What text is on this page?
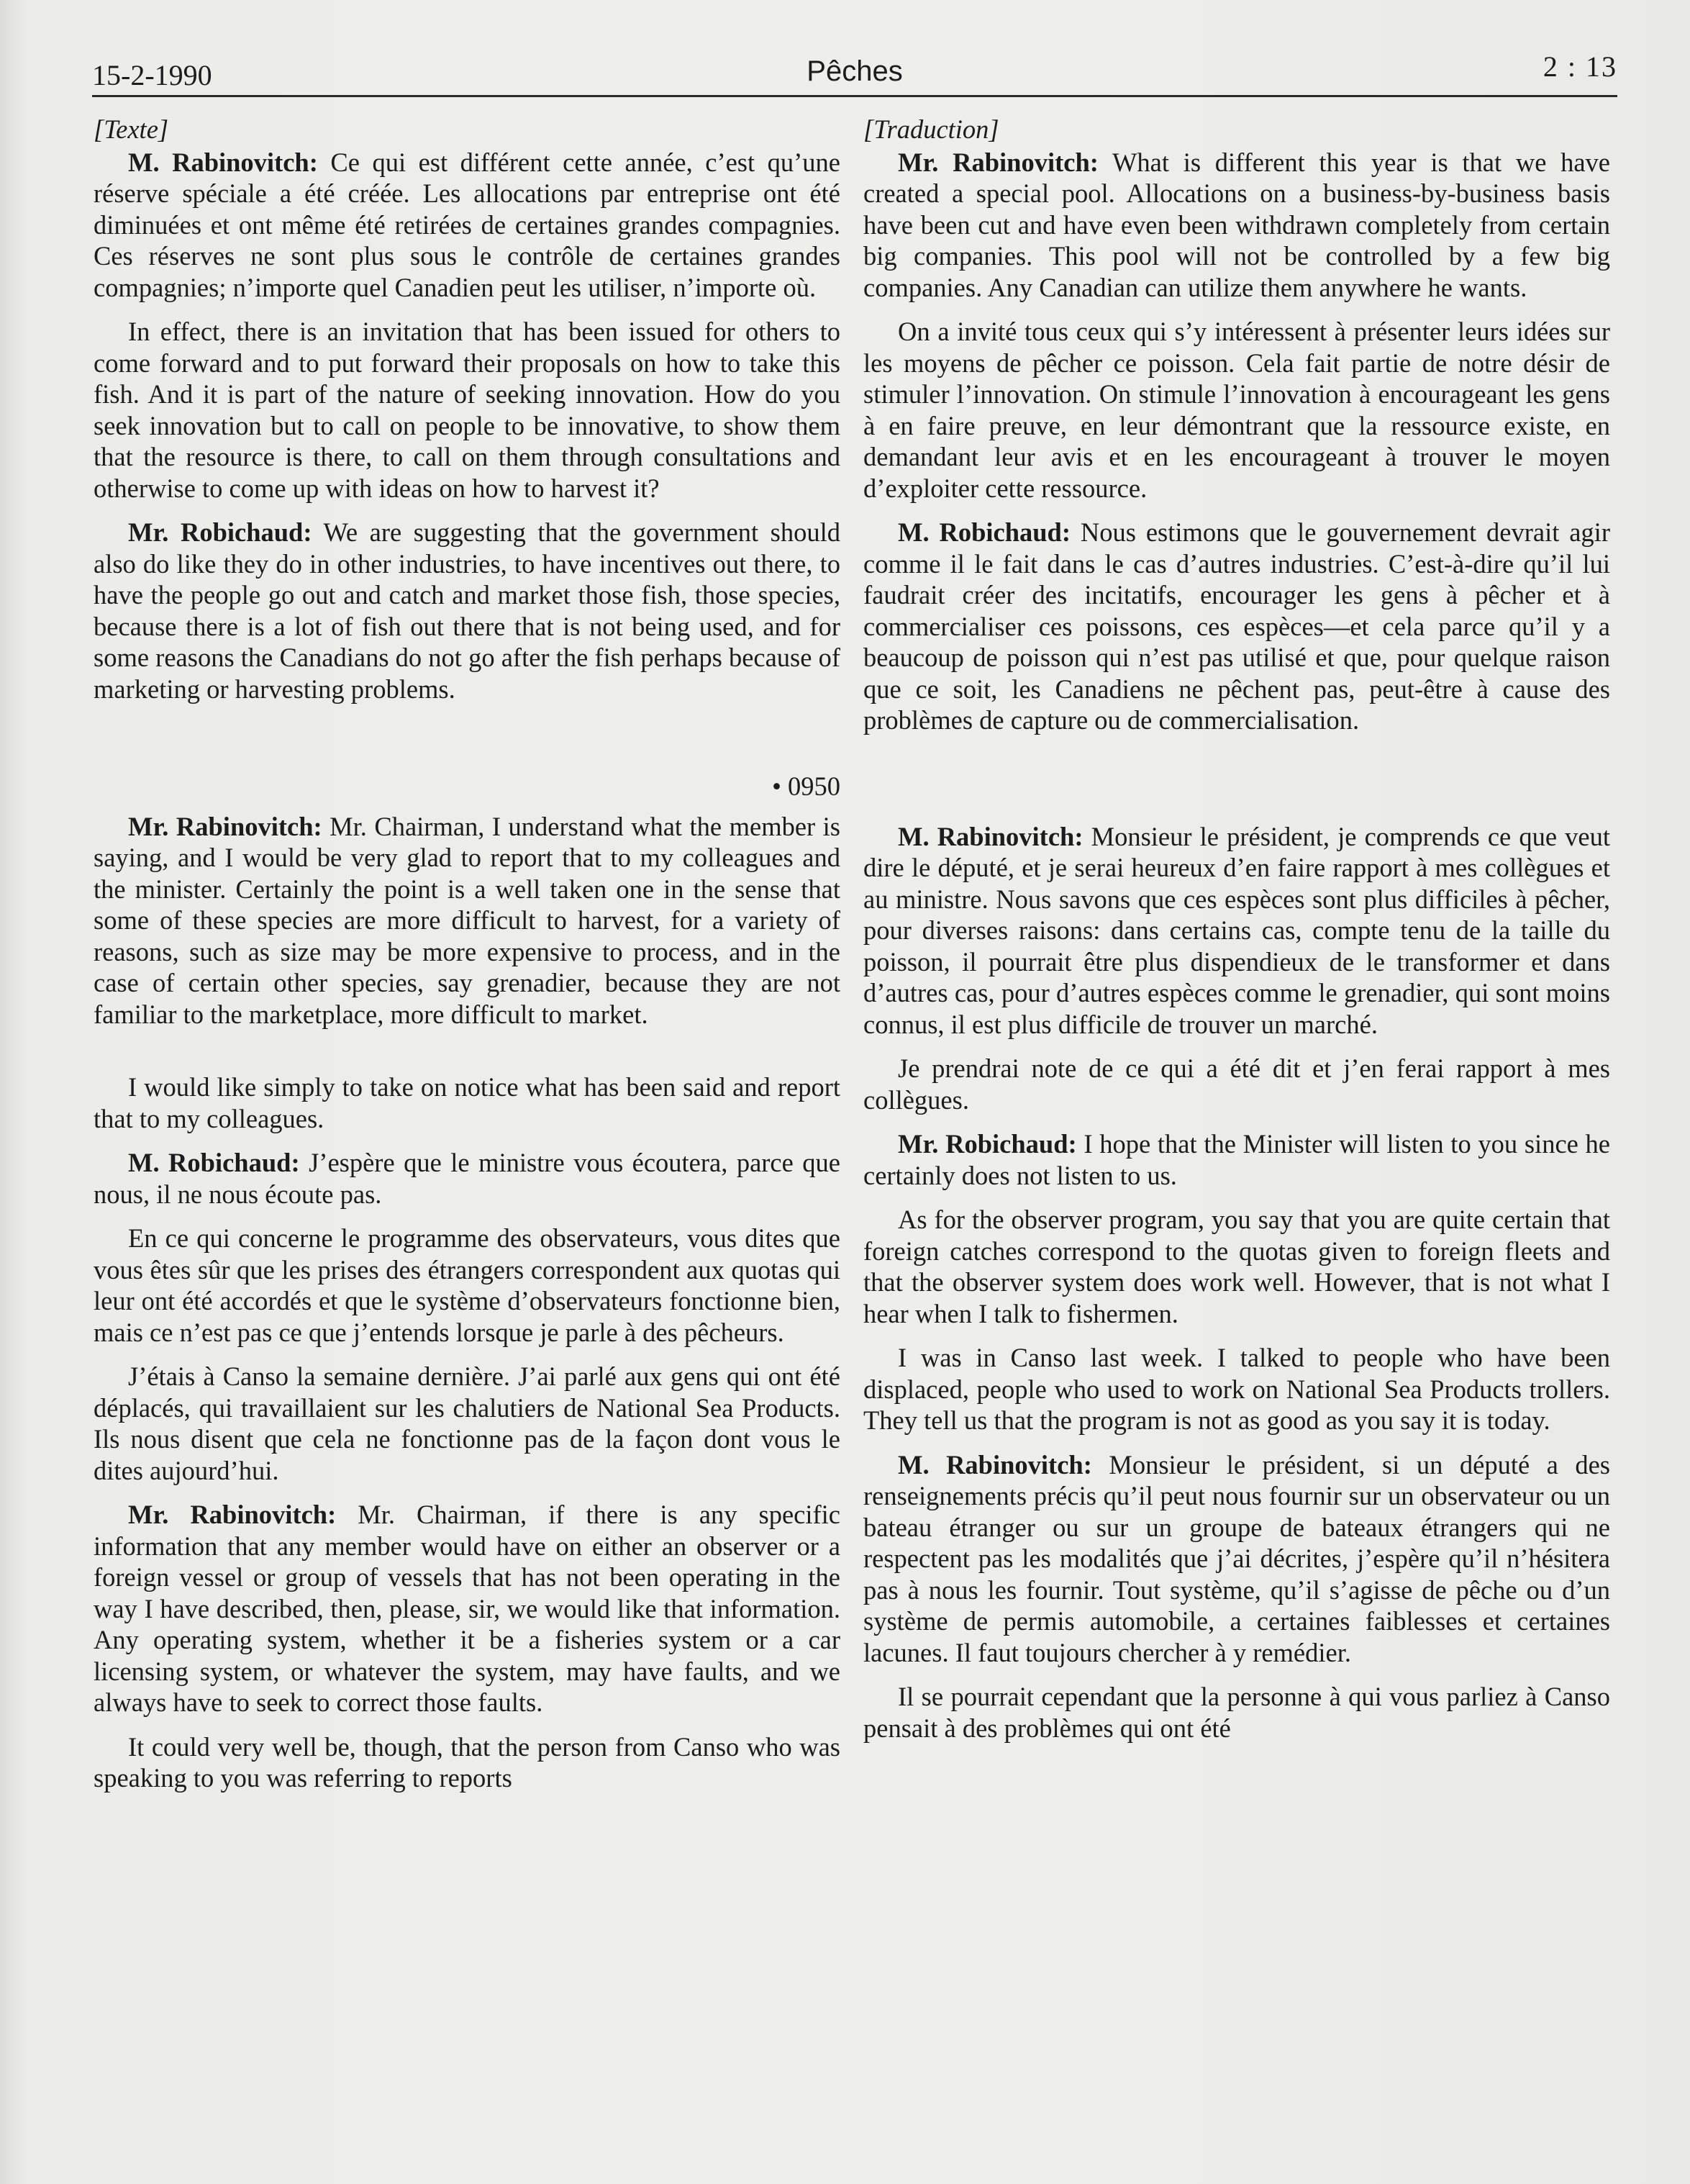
15-2-1990	Pêches	2 : 13
[Texte]

M. Rabinovitch: Ce qui est différent cette année, c’est qu’une réserve spéciale a été créée. Les allocations par entreprise ont été diminuées et ont même été retirées de certaines grandes compagnies. Ces réserves ne sont plus sous le contrôle de certaines grandes compagnies; n’importe quel Canadien peut les utiliser, n’importe où.

In effect, there is an invitation that has been issued for others to come forward and to put forward their proposals on how to take this fish. And it is part of the nature of seeking innovation. How do you seek innovation but to call on people to be innovative, to show them that the resource is there, to call on them through consultations and otherwise to come up with ideas on how to harvest it?

Mr. Robichaud: We are suggesting that the government should also do like they do in other industries, to have incentives out there, to have the people go out and catch and market those fish, those species, because there is a lot of fish out there that is not being used, and for some reasons the Canadians do not go after the fish perhaps because of marketing or harvesting problems.

• 0950

Mr. Rabinovitch: Mr. Chairman, I understand what the member is saying, and I would be very glad to report that to my colleagues and the minister. Certainly the point is a well taken one in the sense that some of these species are more difficult to harvest, for a variety of reasons, such as size may be more expensive to process, and in the case of certain other species, say grenadier, because they are not familiar to the marketplace, more difficult to market.

I would like simply to take on notice what has been said and report that to my colleagues.

M. Robichaud: J’espère que le ministre vous écoutera, parce que nous, il ne nous écoute pas.

En ce qui concerne le programme des observateurs, vous dites que vous êtes sûr que les prises des étrangers correspondent aux quotas qui leur ont été accordés et que le système d’observateurs fonctionne bien, mais ce n’est pas ce que j’entends lorsque je parle à des pêcheurs.

J’étais à Canso la semaine dernière. J’ai parlé aux gens qui ont été déplacés, qui travaillaient sur les chalutiers de National Sea Products. Ils nous disent que cela ne fonctionne pas de la façon dont vous le dites aujourd’hui.

Mr. Rabinovitch: Mr. Chairman, if there is any specific information that any member would have on either an observer or a foreign vessel or group of vessels that has not been operating in the way I have described, then, please, sir, we would like that information. Any operating system, whether it be a fisheries system or a car licensing system, or whatever the system, may have faults, and we always have to seek to correct those faults.

It could very well be, though, that the person from Canso who was speaking to you was referring to reports

[Traduction]

Mr. Rabinovitch: What is different this year is that we have created a special pool. Allocations on a business-by-business basis have been cut and have even been withdrawn completely from certain big companies. This pool will not be controlled by a few big companies. Any Canadian can utilize them anywhere he wants.

On a invité tous ceux qui s’y intéressent à présenter leurs idées sur les moyens de pêcher ce poisson. Cela fait partie de notre désir de stimuler l’innovation. On stimule l’innovation à encourageant les gens à en faire preuve, en leur démontrant que la ressource existe, en demandant leur avis et en les encourageant à trouver le moyen d’exploiter cette ressource.

M. Robichaud: Nous estimons que le gouvernement devrait agir comme il le fait dans le cas d’autres industries. C’est-à-dire qu’il lui faudrait créer des incitatifs, encourager les gens à pêcher et à commercialiser ces poissons, ces espèces—et cela parce qu’il y a beaucoup de poisson qui n’est pas utilisé et que, pour quelque raison que ce soit, les Canadiens ne pêchent pas, peut-être à cause des problèmes de capture ou de commercialisation.

M. Rabinovitch: Monsieur le président, je comprends ce que veut dire le député, et je serai heureux d’en faire rapport à mes collègues et au ministre. Nous savons que ces espèces sont plus difficiles à pêcher, pour diverses raisons: dans certains cas, compte tenu de la taille du poisson, il pourrait être plus dispendieux de le transformer et dans d’autres cas, pour d’autres espèces comme le grenadier, qui sont moins connus, il est plus difficile de trouver un marché.

Je prendrai note de ce qui a été dit et j’en ferai rapport à mes collègues.

Mr. Robichaud: I hope that the Minister will listen to you since he certainly does not listen to us.

As for the observer program, you say that you are quite certain that foreign catches correspond to the quotas given to foreign fleets and that the observer system does work well. However, that is not what I hear when I talk to fishermen.

I was in Canso last week. I talked to people who have been displaced, people who used to work on National Sea Products trollers. They tell us that the program is not as good as you say it is today.

M. Rabinovitch: Monsieur le président, si un député a des renseignements précis qu’il peut nous fournir sur un observateur ou un bateau étranger ou sur un groupe de bateaux étrangers qui ne respectent pas les modalités que j’ai décrites, j’espère qu’il n’hésitera pas à nous les fournir. Tout système, qu’il s’agisse de pêche ou d’un système de permis automobile, a certaines faiblesses et certaines lacunes. Il faut toujours chercher à y remédier.

Il se pourrait cependant que la personne à qui vous parliez à Canso pensait à des problèmes qui ont été
